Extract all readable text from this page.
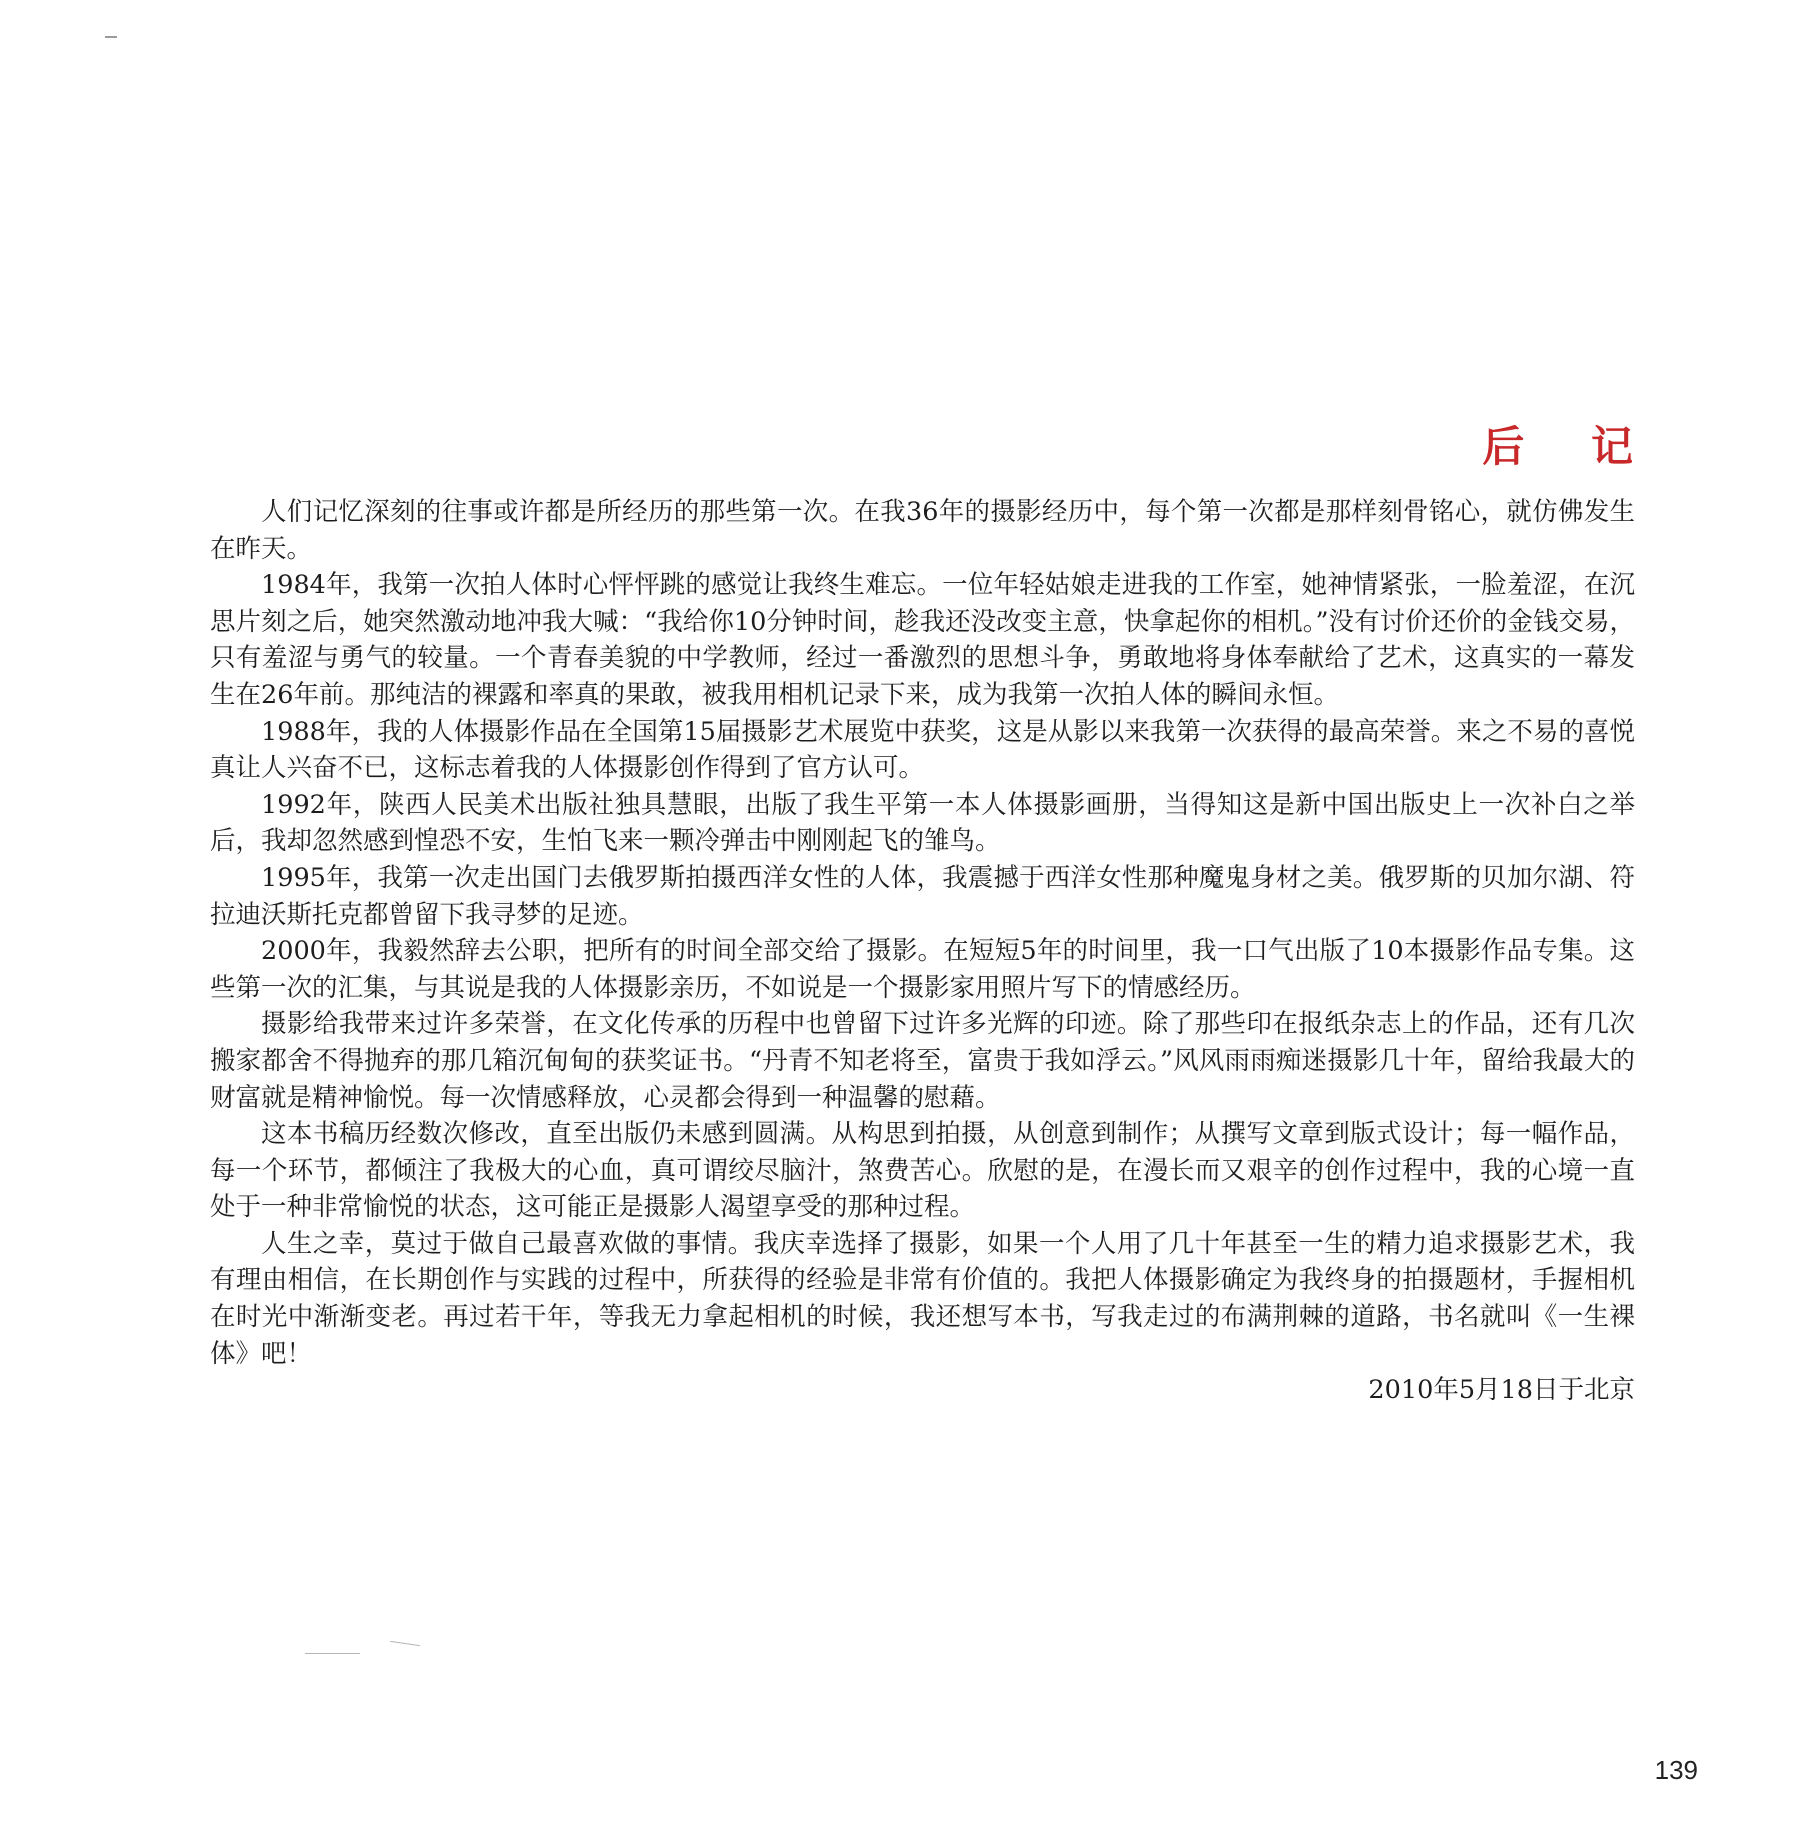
后 记

人们记忆深刻的往事或许都是所经历的那些第一次。在我36年的摄影经历中，每个第一次都是那样刻骨铭心，就仿佛发生在昨天。

1984年，我第一次拍人体时心怦怦跳的感觉让我终生难忘。一位年轻姑娘走进我的工作室，她神情紧张，一脸羞涩，在沉思片刻之后，她突然激动地冲我大喊：“我给你10分钟时间，趁我还没改变主意，快拿起你的相机。”没有讨价还价的金钱交易，只有羞涩与勇气的较量。一个青春美貌的中学教师，经过一番激烈的思想斗争，勇敢地将身体奉献给了艺术，这真实的一幕发生在26年前。那纯洁的裸露和率真的果敢，被我用相机记录下来，成为我第一次拍人体的瞬间永恒。

1988年，我的人体摄影作品在全国第15届摄影艺术展览中获奖，这是从影以来我第一次获得的最高荣誉。来之不易的喜悦真让人兴奋不已，这标志着我的人体摄影创作得到了官方认可。

1992年，陕西人民美术出版社独具慧眼，出版了我生平第一本人体摄影画册，当得知这是新中国出版史上一次补白之举后，我却忽然感到惶恐不安，生怕飞来一颗冷弹击中刚刚起飞的雏鸟。

1995年，我第一次走出国门去俄罗斯拍摄西洋女性的人体，我震撼于西洋女性那种魔鬼身材之美。俄罗斯的贝加尔湖、符拉迪沃斯托克都曾留下我寻梦的足迹。

2000年，我毅然辞去公职，把所有的时间全部交给了摄影。在短短5年的时间里，我一口气出版了10本摄影作品专集。这些第一次的汇集，与其说是我的人体摄影亲历，不如说是一个摄影家用照片写下的情感经历。

摄影给我带来过许多荣誉，在文化传承的历程中也曾留下过许多光辉的印迹。除了那些印在报纸杂志上的作品，还有几次搬家都舍不得抛弃的那几箱沉甸甸的获奖证书。“丹青不知老将至，富贵于我如浮云。”风风雨雨痴迷摄影几十年，留给我最大的财富就是精神愉悦。每一次情感释放，心灵都会得到一种温馨的慰藉。

这本书稿历经数次修改，直至出版仍未感到圆满。从构思到拍摄，从创意到制作；从撰写文章到版式设计；每一幅作品，每一个环节，都倾注了我极大的心血，真可谓绞尽脑汁，煞费苦心。欣慰的是，在漫长而又艰辛的创作过程中，我的心境一直处于一种非常愉悦的状态，这可能正是摄影人渴望享受的那种过程。

人生之幸，莫过于做自己最喜欢做的事情。我庆幸选择了摄影，如果一个人用了几十年甚至一生的精力追求摄影艺术，我有理由相信，在长期创作与实践的过程中，所获得的经验是非常有价值的。我把人体摄影确定为我终身的拍摄题材，手握相机在时光中渐渐变老。再过若干年，等我无力拿起相机的时候，我还想写本书，写我走过的布满荆棘的道路，书名就叫《一生裸体》吧！

2010年5月18日于北京

139
